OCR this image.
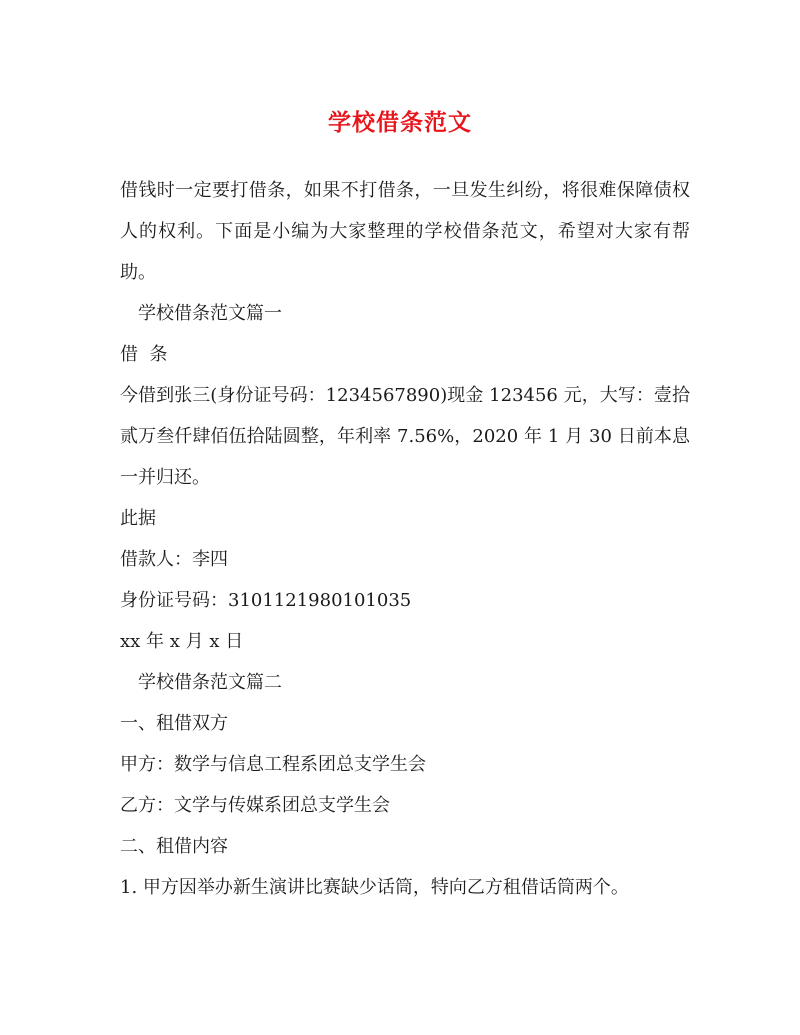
学校借条范文

借钱时一定要打借条，如果不打借条，一旦发生纠纷，将很难保障债权人的权利。下面是小编为大家整理的学校借条范文，希望对大家有帮助。

学校借条范文篇一

借  条

今借到张三(身份证号码：1234567890)现金 123456 元，大写：壹拾贰万叁仟肆佰伍拾陆圆整，年利率 7.56%，2020 年 1 月 30 日前本息一并归还。

此据

借款人：李四

身份证号码：3101121980101035

xx 年 x 月 x 日

学校借条范文篇二

一、租借双方

甲方：数学与信息工程系团总支学生会

乙方：文学与传媒系团总支学生会

二、租借内容

1. 甲方因举办新生演讲比赛缺少话筒，特向乙方租借话筒两个。
